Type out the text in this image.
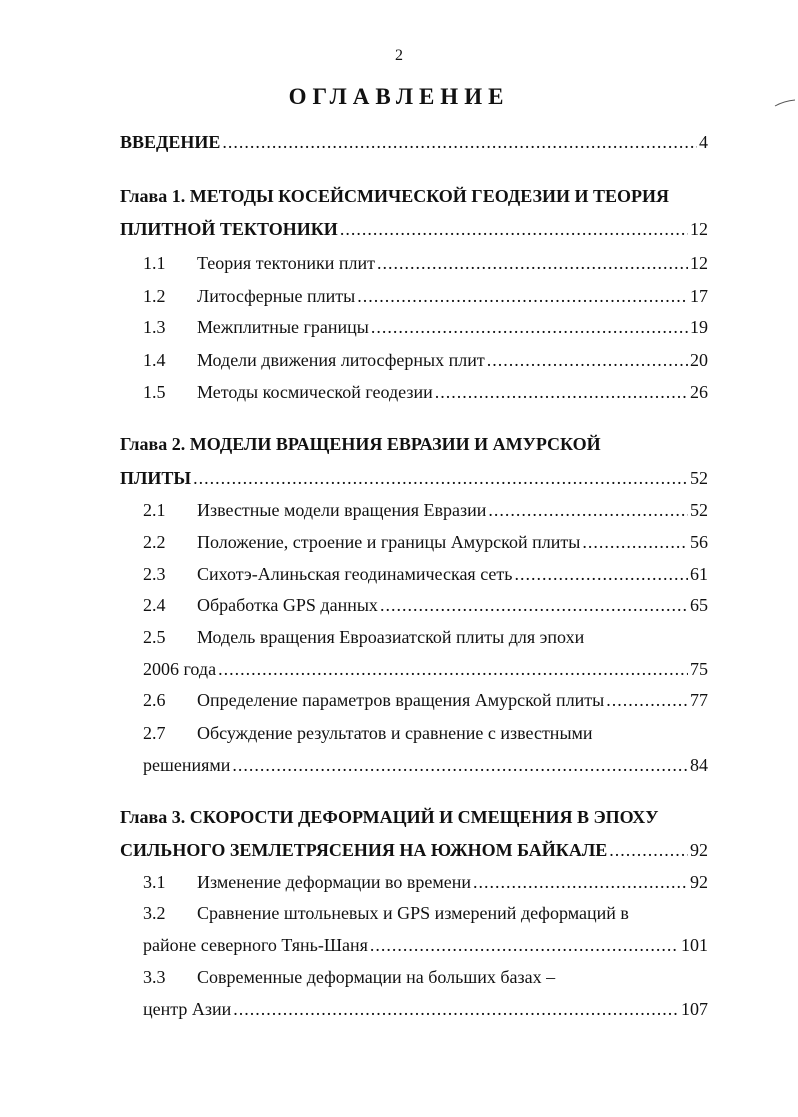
2
ОГЛАВЛЕНИЕ
ВВЕДЕНИЕ .....	4
Глава 1. МЕТОДЫ КОСЕЙСМИЧЕСКОЙ ГЕОДЕЗИИ И ТЕОРИЯ
ПЛИТНОЙ ТЕКТОНИКИ .....	12
1.1 Теория тектоники плит .....	12
1.2 Литосферные плиты .....	17
1.3 Межплитные границы .....	19
1.4 Модели движения литосферных плит .....	20
1.5 Методы космической геодезии .....	26
Глава 2. МОДЕЛИ ВРАЩЕНИЯ ЕВРАЗИИ И АМУРСКОЙ
ПЛИТЫ .....	52
2.1 Известные модели вращения Евразии .....	52
2.2 Положение, строение и границы Амурской плиты .....	56
2.3 Сихотэ-Алиньская геодинамическая сеть .....	61
2.4 Обработка GPS данных .....	65
2.5 Модель вращения Евроазиатской плиты для эпохи
2006 года .....	75
2.6 Определение параметров вращения Амурской плиты .....	77
2.7 Обсуждение результатов и сравнение с известными
решениями .....	84
Глава 3. СКОРОСТИ ДЕФОРМАЦИЙ И СМЕЩЕНИЯ В ЭПОХУ
СИЛЬНОГО ЗЕМЛЕТРЯСЕНИЯ НА ЮЖНОМ БАЙКАЛЕ .....	92
3.1 Изменение деформации во времени .....	92
3.2 Сравнение штольневых и GPS измерений деформаций в
районе северного Тянь-Шаня .....	101
3.3 Современные деформации на больших базах –
центр Азии .....	107
